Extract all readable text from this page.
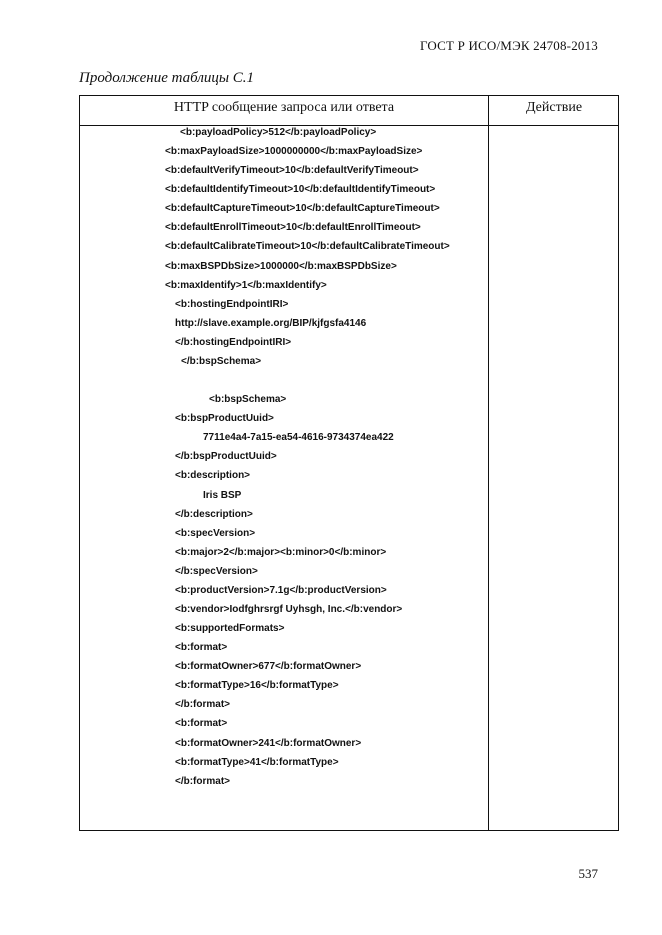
ГОСТ Р ИСО/МЭК 24708-2013
Продолжение таблицы С.1
HTTP сообщение запроса или ответа	Действие
<b:payloadPolicy>512</b:payloadPolicy>
<b:maxPayloadSize>1000000000</b:maxPayloadSize>
<b:defaultVerifyTimeout>10</b:defaultVerifyTimeout>
<b:defaultIdentifyTimeout>10</b:defaultIdentifyTimeout>
<b:defaultCaptureTimeout>10</b:defaultCaptureTimeout>
<b:defaultEnrollTimeout>10</b:defaultEnrollTimeout>
<b:defaultCalibrateTimeout>10</b:defaultCalibrateTimeout>
<b:maxBSPDbSize>1000000</b:maxBSPDbSize>
<b:maxIdentify>1</b:maxIdentify>
<b:hostingEndpointIRI>
http://slave.example.org/BIP/kjfgsfa4146
</b:hostingEndpointIRI>
</b:bspSchema>
<b:bspSchema>
<b:bspProductUuid>
7711e4a4-7a15-ea54-4616-9734374ea422
</b:bspProductUuid>
<b:description>
Iris BSP
</b:description>
<b:specVersion>
<b:major>2</b:major><b:minor>0</b:minor>
</b:specVersion>
<b:productVersion>7.1g</b:productVersion>
<b:vendor>Iodfghrsrgf Uyhsgh, Inc.</b:vendor>
<b:supportedFormats>
<b:format>
<b:formatOwner>677</b:formatOwner>
<b:formatType>16</b:formatType>
</b:format>
<b:format>
<b:formatOwner>241</b:formatOwner>
<b:formatType>41</b:formatType>
</b:format>
537
